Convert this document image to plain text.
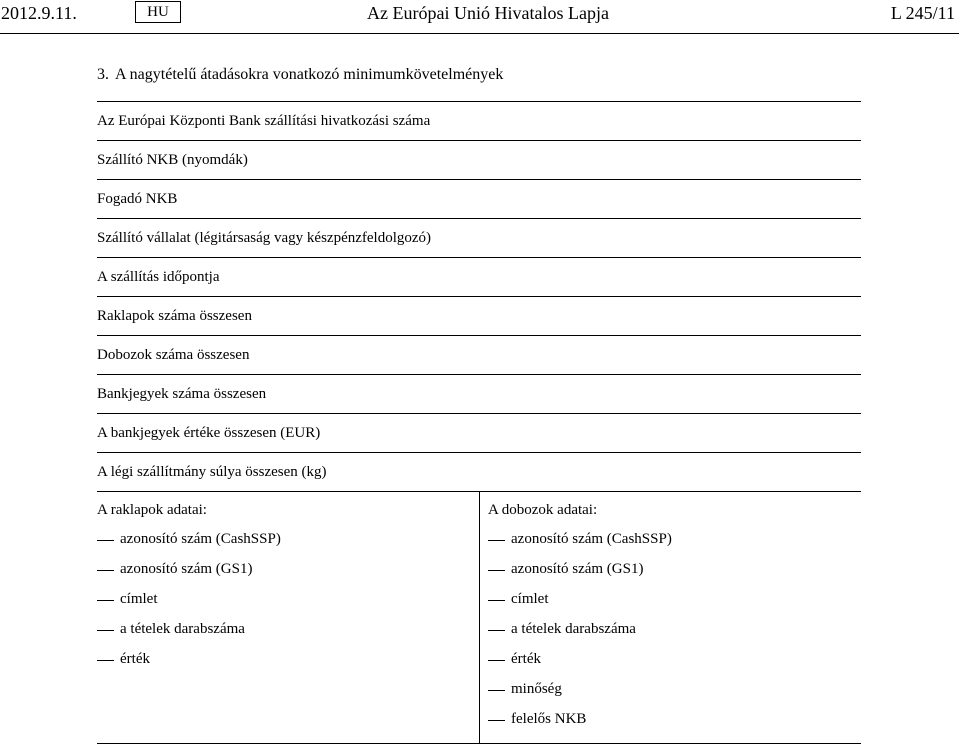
2012.9.11.	HU	Az Európai Unió Hivatalos Lapja	L 245/11
3. A nagytételű átadásokra vonatkozó minimumkövetelmények
Az Európai Központi Bank szállítási hivatkozási száma
Szállító NKB (nyomdák)
Fogadó NKB
Szállító vállalat (légitársaság vagy készpénzfeldolgozó)
A szállítás időpontja
Raklapok száma összesen
Dobozok száma összesen
Bankjegyek száma összesen
A bankjegyek értéke összesen (EUR)
A légi szállítmány súlya összesen (kg)
A raklapok adatai:
azonosító szám (CashSSP)
azonosító szám (GS1)
címlet
a tételek darabszáma
érték
A dobozok adatai:
azonosító szám (CashSSP)
azonosító szám (GS1)
címlet
a tételek darabszáma
érték
minőség
felelős NKB
